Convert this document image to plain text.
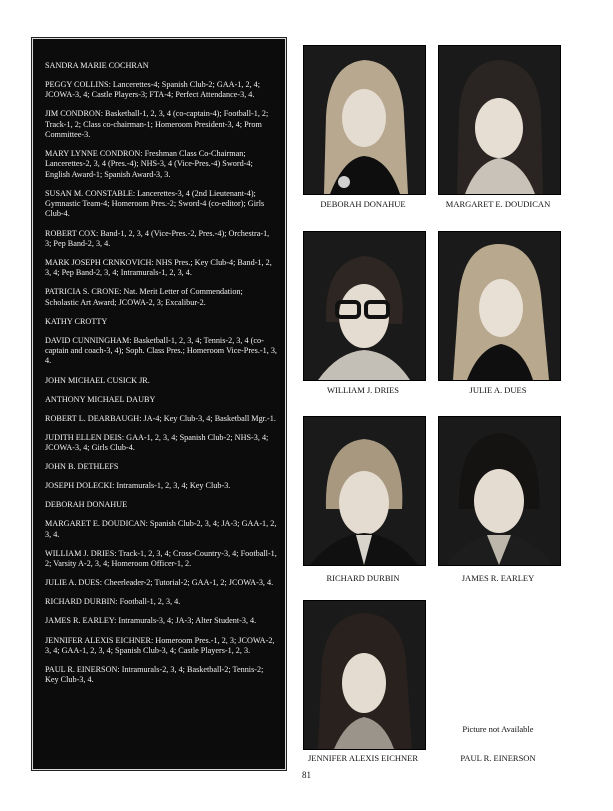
SANDRA MARIE COCHRAN
PEGGY COLLINS: Lancerettes-4; Spanish Club-2; GAA-1, 2, 4; JCOWA-3, 4; Castle Players-3; FTA-4; Perfect Attendance-3, 4.
JIM CONDRON: Basketball-1, 2, 3, 4 (co-captain-4); Football-1, 2; Track-1, 2; Class co-chairman-1; Homeroom President-3, 4; Prom Committee-3.
MARY LYNNE CONDRON: Freshman Class Co-Chairman; Lancerettes-2, 3, 4 (Pres.-4); NHS-3, 4 (Vice-Pres.-4) Sword-4; English Award-1; Spanish Award-3, 3.
SUSAN M. CONSTABLE: Lancerettes-3, 4 (2nd Lieutenant-4); Gymnastic Team-4; Homeroom Pres.-2; Sword-4 (co-editor); Girls Club-4.
ROBERT COX: Band-1, 2, 3, 4 (Vice-Pres.-2, Pres.-4); Orchestra-1, 3; Pep Band-2, 3, 4.
MARK JOSEPH CRNKOVICH: NHS Pres.; Key Club-4; Band-1, 2, 3, 4; Pep Band-2, 3, 4; Intramurals-1, 2, 3, 4.
PATRICIA S. CRONE: Nat. Merit Letter of Commendation; Scholastic Art Award; JCOWA-2, 3; Excalibur-2.
KATHY CROTTY
DAVID CUNNINGHAM: Basketball-1, 2, 3, 4; Tennis-2, 3, 4 (co-captain and coach-3, 4); Soph. Class Pres.; Homeroom Vice-Pres.-1, 3, 4.
JOHN MICHAEL CUSICK JR.
ANTHONY MICHAEL DAUBY
ROBERT L. DEARBAUGH: JA-4; Key Club-3, 4; Basketball Mgr.-1.
JUDITH ELLEN DEIS: GAA-1, 2, 3, 4; Spanish Club-2; NHS-3, 4; JCOWA-3, 4; Girls Club-4.
JOHN B. DETHLEFS
JOSEPH DOLECKI: Intramurals-1, 2, 3, 4; Key Club-3.
DEBORAH DONAHUE
MARGARET E. DOUDICAN: Spanish Club-2, 3, 4; JA-3; GAA-1, 2, 3, 4.
WILLIAM J. DRIES: Track-1, 2, 3, 4; Cross-Country-3, 4; Football-1, 2; Varsity A-2, 3, 4; Homeroom Officer-1, 2.
JULIE A. DUES: Cheerleader-2; Tutorial-2; GAA-1, 2; JCOWA-3, 4.
RICHARD DURBIN: Football-1, 2, 3, 4.
JAMES R. EARLEY: Intramurals-3, 4; JA-3; Alter Student-3, 4.
JENNIFER ALEXIS EICHNER: Homeroom Pres.-1, 2, 3; JCOWA-2, 3, 4; GAA-1, 2, 3, 4; Spanish Club-3, 4; Castle Players-1, 2, 3.
PAUL R. EINERSON: Intramurals-2, 3, 4; Basketball-2; Tennis-2; Key Club-3, 4.
DEBORAH DONAHUE	MARGARET E. DOUDICAN
WILLIAM J. DRIES	JULIE A. DUES
RICHARD DURBIN	JAMES R. EARLEY
JENNIFER ALEXIS EICHNER
Picture not Available
PAUL R. EINERSON
81
